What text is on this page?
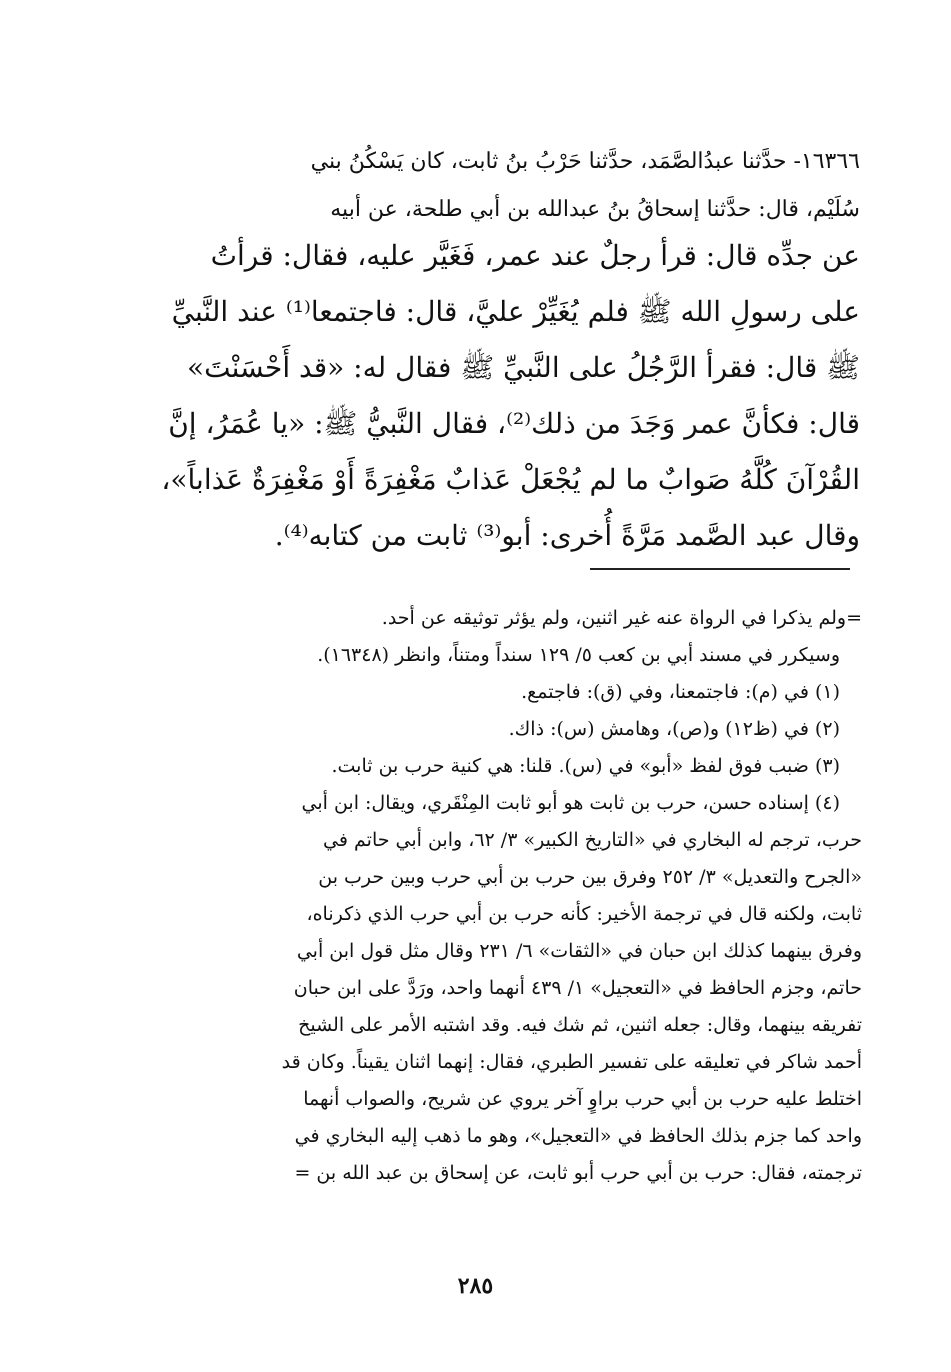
١٦٣٦٦- حدَّثنا عبدُالصَّمَد، حدَّثنا حَرْبُ بنُ ثابت، كان يَسْكُنُ بني
سُلَيْم، قال: حدَّثنا إسحاقُ بنُ عبدالله بن أبي طلحة، عن أبيه
عن جدِّه قال: قرأ رجلٌ عند عمر، فَغَيَّر عليه، فقال: قرأتُ
على رسولِ الله ﷺ فلم يُغَيِّرْ عليَّ، قال: فاجتمعا⁽¹⁾ عند النَّبيِّ
ﷺ قال: فقرأ الرَّجُلُ على النَّبيِّ ﷺ فقال له: «قد أَحْسَنْتَ»
قال: فكأنَّ عمر وَجَدَ من ذلك⁽²⁾، فقال النَّبيُّ ﷺ: «يا عُمَرُ، إنَّ
القُرْآنَ كُلَّهُ صَوابٌ ما لم يُجْعَلْ عَذابٌ مَغْفِرَةً أَوْ مَغْفِرَةٌ عَذاباً»،
وقال عبد الصَّمد مَرَّةً أُخرى: أبو⁽³⁾ ثابت من كتابه⁽⁴⁾.
=ولم يذكرا في الرواة عنه غير اثنين، ولم يؤثر توثيقه عن أحد.
وسيكرر في مسند أبي بن كعب ٥/ ١٢٩ سنداً ومتناً، وانظر (١٦٣٤٨).
(١) في (م): فاجتمعنا، وفي (ق): فاجتمع.
(٢) في (ظ١٢) و(ص)، وهامش (س): ذاك.
(٣) ضبب فوق لفظ «أبو» في (س). قلنا: هي كنية حرب بن ثابت.
(٤) إسناده حسن، حرب بن ثابت هو أبو ثابت المِنْقَري، ويقال: ابن أبي
حرب، ترجم له البخاري في «التاريخ الكبير» ٣/ ٦٢، وابن أبي حاتم في
«الجرح والتعديل» ٣/ ٢٥٢ وفرق بين حرب بن أبي حرب وبين حرب بن
ثابت، ولكنه قال في ترجمة الأخير: كأنه حرب بن أبي حرب الذي ذكرناه،
وفرق بينهما كذلك ابن حبان في «الثقات» ٦/ ٢٣١ وقال مثل قول ابن أبي
حاتم، وجزم الحافظ في «التعجيل» ١/ ٤٣٩ أنهما واحد، ورَدَّ على ابن حبان
تفريقه بينهما، وقال: جعله اثنين، ثم شك فيه. وقد اشتبه الأمر على الشيخ
أحمد شاكر في تعليقه على تفسير الطبري، فقال: إنهما اثنان يقيناً. وكان قد
اختلط عليه حرب بن أبي حرب براوٍ آخر يروي عن شريح، والصواب أنهما
واحد كما جزم بذلك الحافظ في «التعجيل»، وهو ما ذهب إليه البخاري في
ترجمته، فقال: حرب بن أبي حرب أبو ثابت، عن إسحاق بن عبد الله بن =
٢٨٥
